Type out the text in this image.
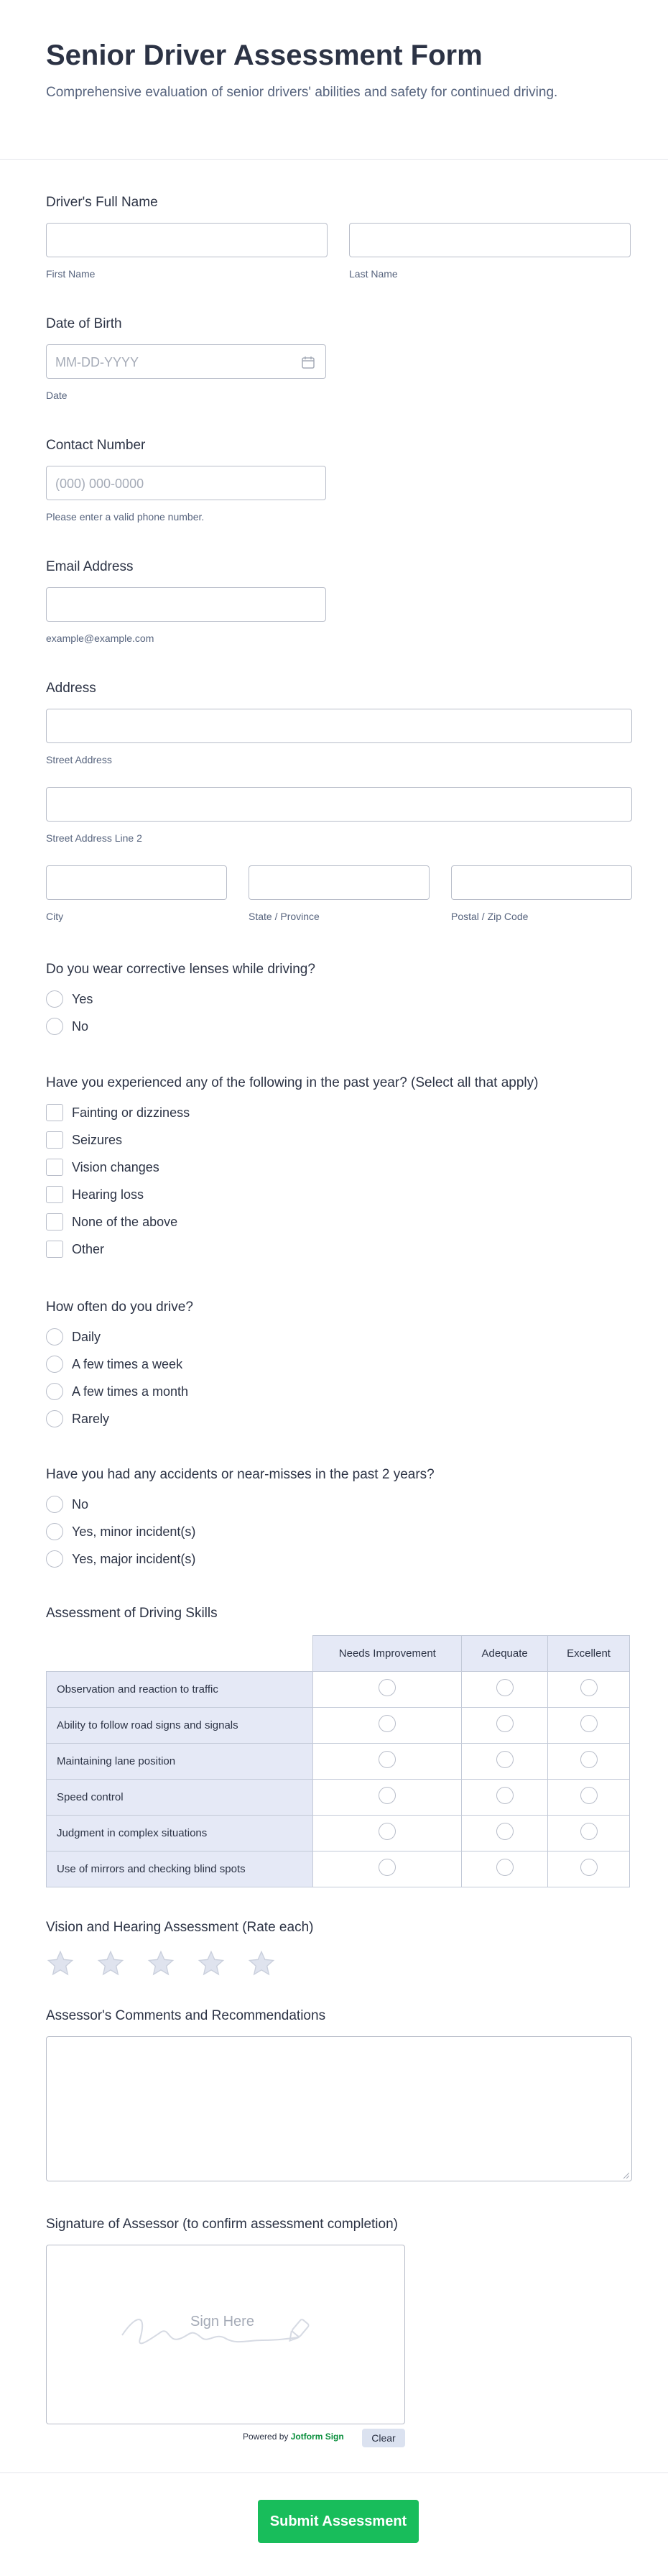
Senior Driver Assessment Form

Comprehensive evaluation of senior drivers' abilities and safety for continued driving.

Driver's Full Name
First Name	Last Name
Date of Birth
MM-DD-YYYY
Date
Contact Number
(000) 000-0000
Please enter a valid phone number.
Email Address
example@example.com
Address
Street Address
Street Address Line 2
City	State / Province	Postal / Zip Code
Do you wear corrective lenses while driving?
Yes
No
Have you experienced any of the following in the past year? (Select all that apply)
Fainting or dizziness
Seizures
Vision changes
Hearing loss
None of the above
Other
How often do you drive?
Daily
A few times a week
A few times a month
Rarely
Have you had any accidents or near-misses in the past 2 years?
No
Yes, minor incident(s)
Yes, major incident(s)
Assessment of Driving Skills
	Needs Improvement	Adequate	Excellent
Observation and reaction to traffic			
Ability to follow road signs and signals			
Maintaining lane position			
Speed control			
Judgment in complex situations			
Use of mirrors and checking blind spots			
Vision and Hearing Assessment (Rate each)
Assessor's Comments and Recommendations
Signature of Assessor (to confirm assessment completion)
Sign Here
Powered by Jotform Sign	Clear
Submit Assessment
